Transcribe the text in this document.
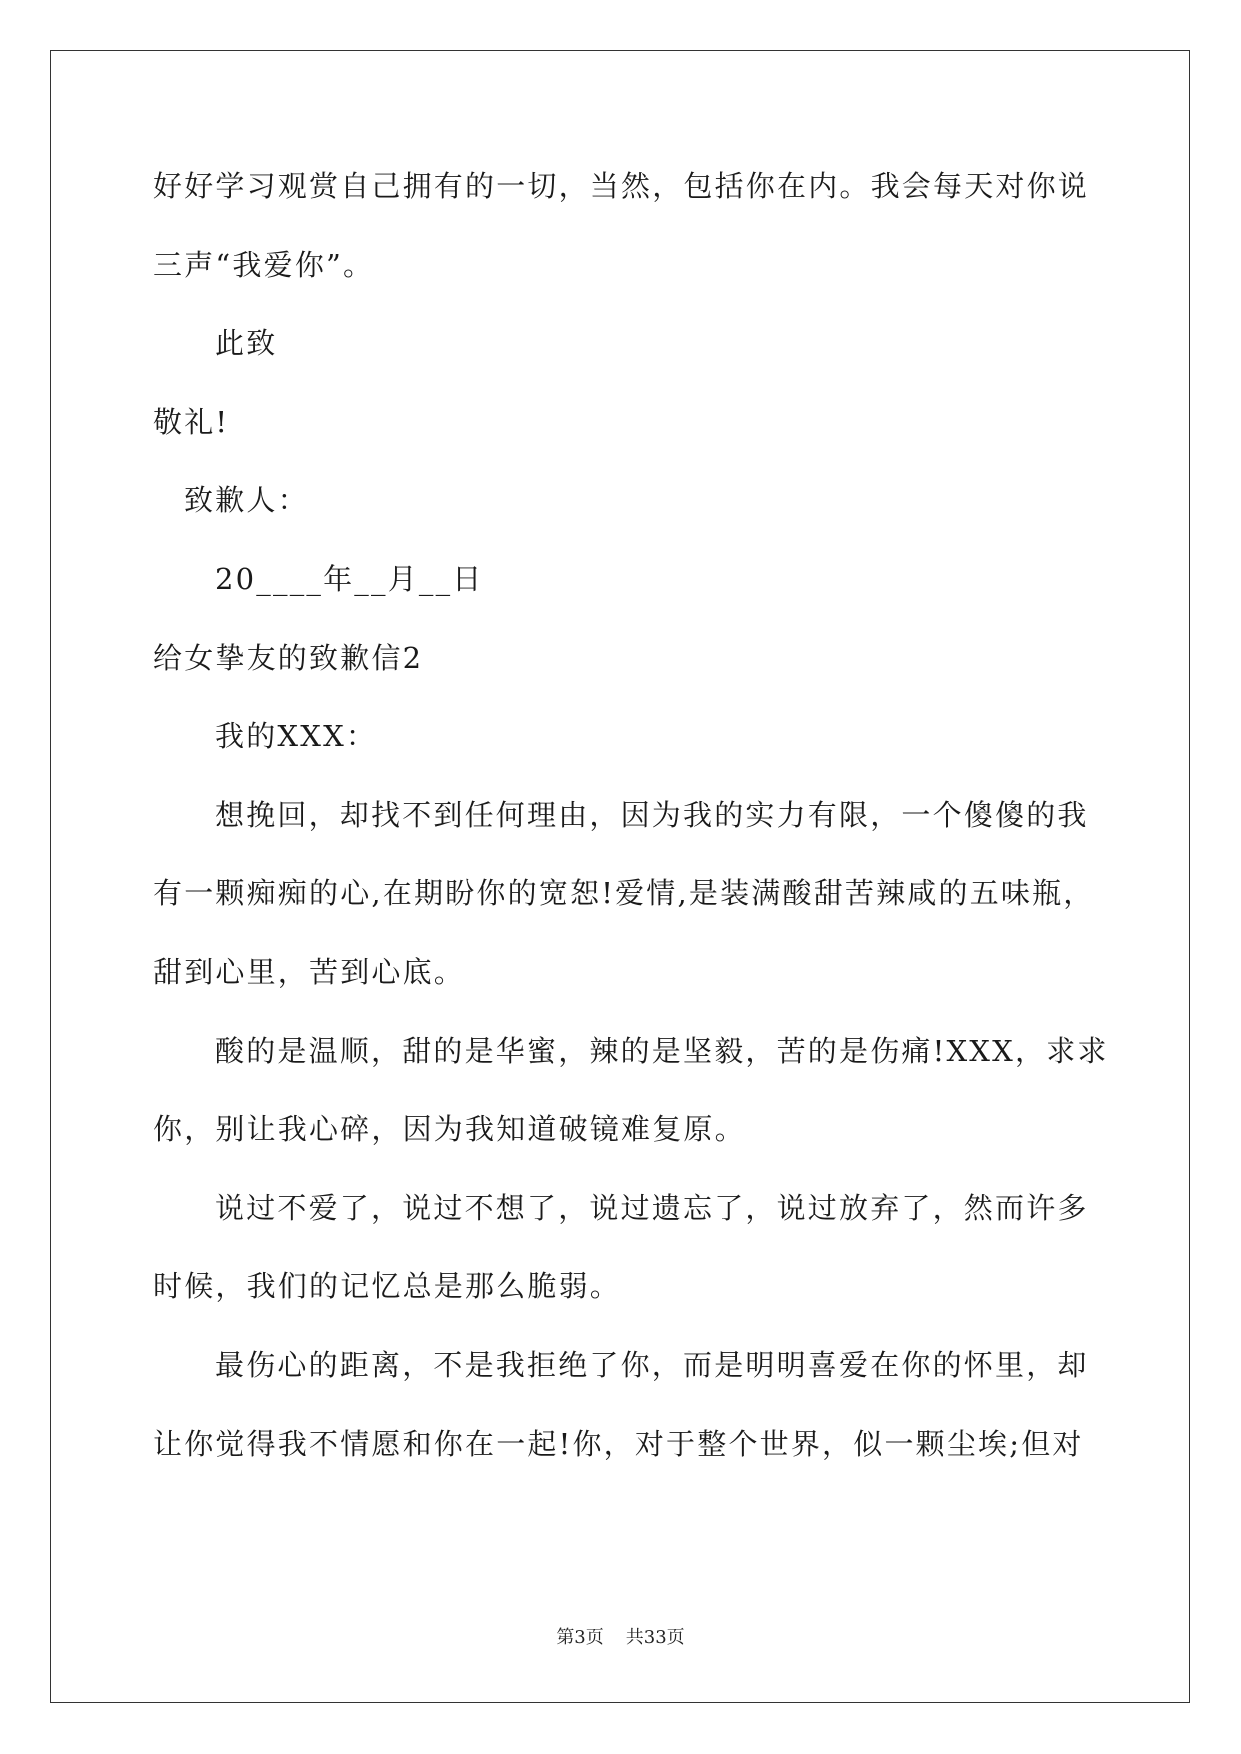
好好学习观赏自己拥有的一切，当然，包括你在内。我会每天对你说
三声“我爱你”。
此致
敬礼!
致歉人：
20____年__月__日
给女挚友的致歉信2
我的XXX：
想挽回，却找不到任何理由，因为我的实力有限，一个傻傻的我
有一颗痴痴的心,在期盼你的宽恕!爱情,是装满酸甜苦辣咸的五味瓶，
甜到心里，苦到心底。
酸的是温顺，甜的是华蜜，辣的是坚毅，苦的是伤痛!XXX，求求
你，别让我心碎，因为我知道破镜难复原。
说过不爱了，说过不想了，说过遗忘了，说过放弃了，然而许多
时候，我们的记忆总是那么脆弱。
最伤心的距离，不是我拒绝了你，而是明明喜爱在你的怀里，却
让你觉得我不情愿和你在一起!你，对于整个世界，似一颗尘埃;但对
第3页 共33页
